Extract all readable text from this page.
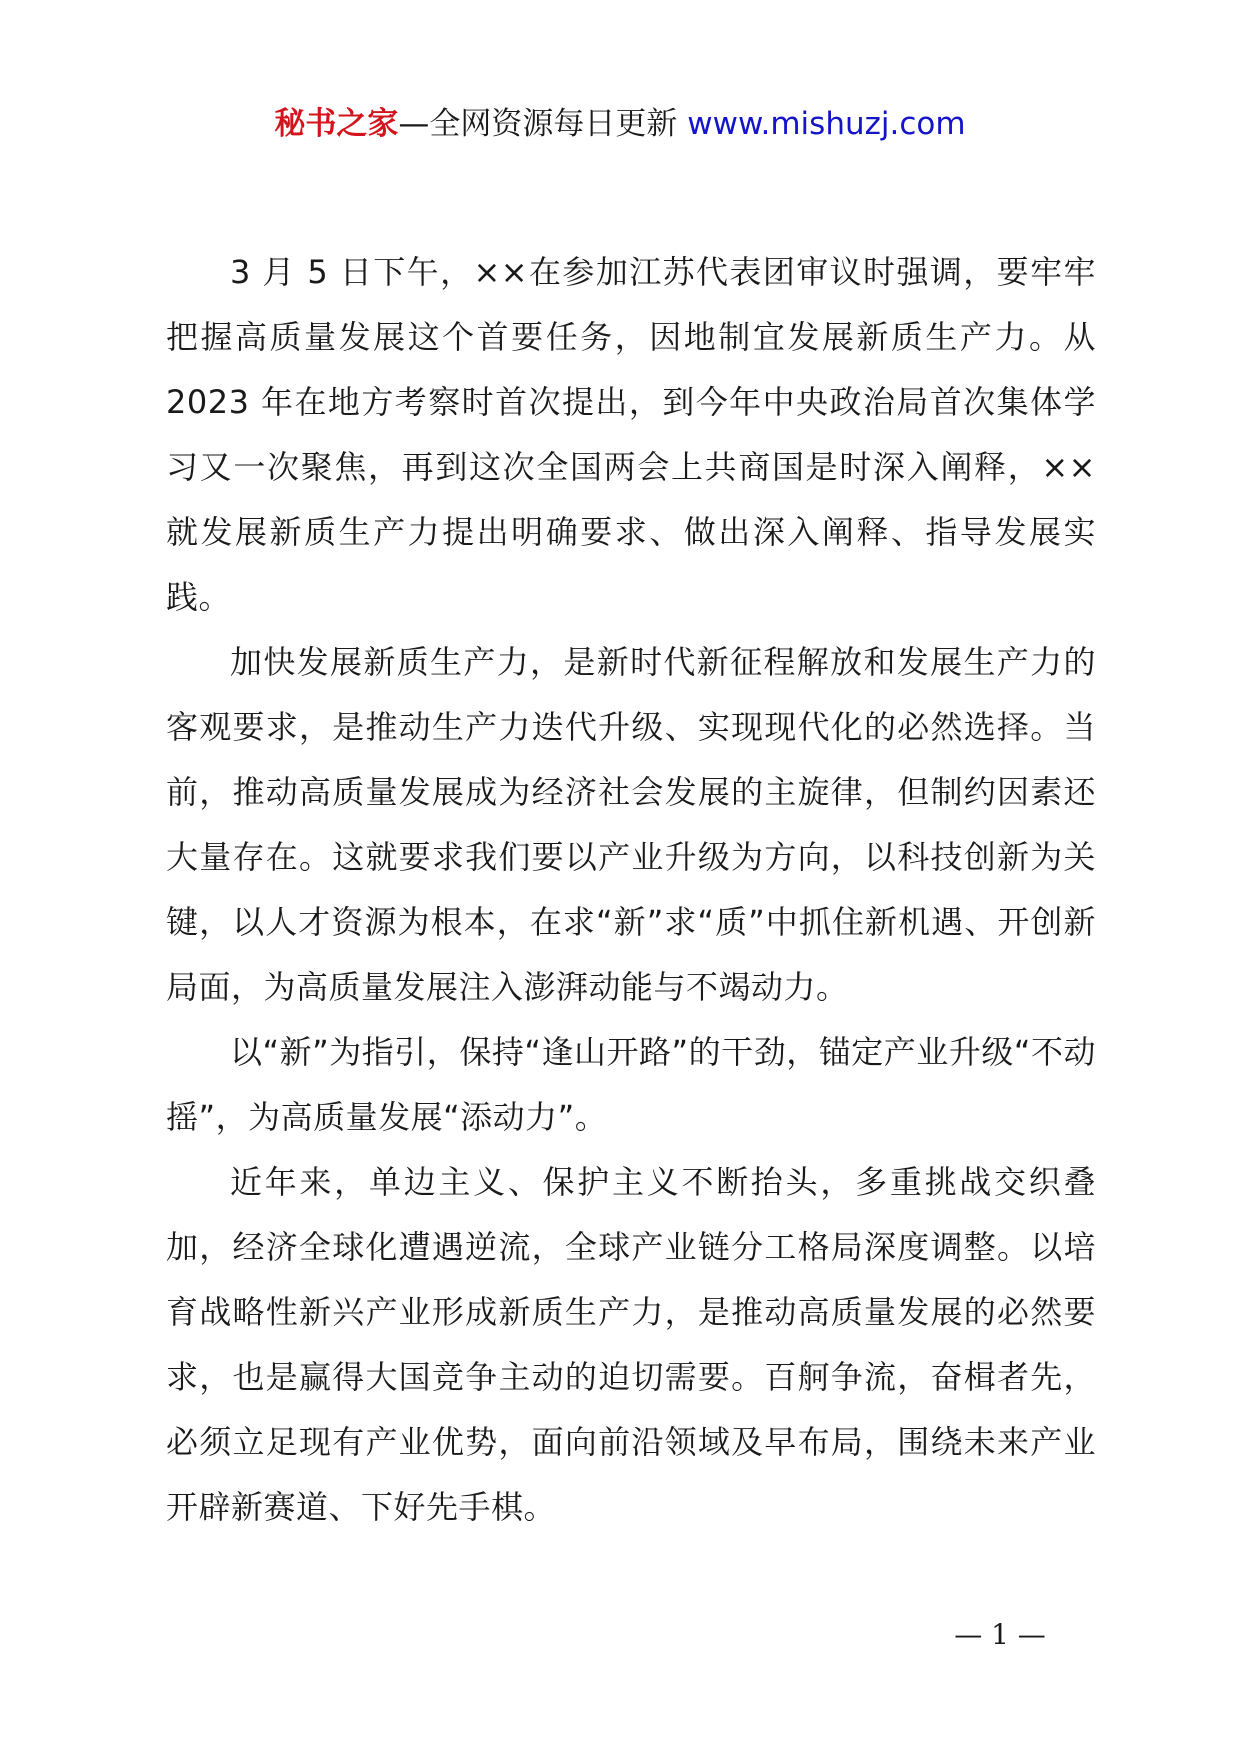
秘书之家—全网资源每日更新 www.mishuzj.com

3 月 5 日下午，××在参加江苏代表团审议时强调，要牢牢把握高质量发展这个首要任务，因地制宜发展新质生产力。从 2023 年在地方考察时首次提出，到今年中央政治局首次集体学习又一次聚焦，再到这次全国两会上共商国是时深入阐释，××就发展新质生产力提出明确要求、做出深入阐释、指导发展实践。

加快发展新质生产力，是新时代新征程解放和发展生产力的客观要求，是推动生产力迭代升级、实现现代化的必然选择。当前，推动高质量发展成为经济社会发展的主旋律，但制约因素还大量存在。这就要求我们要以产业升级为方向，以科技创新为关键，以人才资源为根本，在求“新”求“质”中抓住新机遇、开创新局面，为高质量发展注入澎湃动能与不竭动力。

以“新”为指引，保持“逢山开路”的干劲，锚定产业升级“不动摇”，为高质量发展“添动力”。

近年来，单边主义、保护主义不断抬头，多重挑战交织叠加，经济全球化遭遇逆流，全球产业链分工格局深度调整。以培育战略性新兴产业形成新质生产力，是推动高质量发展的必然要求，也是赢得大国竞争主动的迫切需要。百舸争流，奋楫者先，必须立足现有产业优势，面向前沿领域及早布局，围绕未来产业开辟新赛道、下好先手棋。

— 1 —
